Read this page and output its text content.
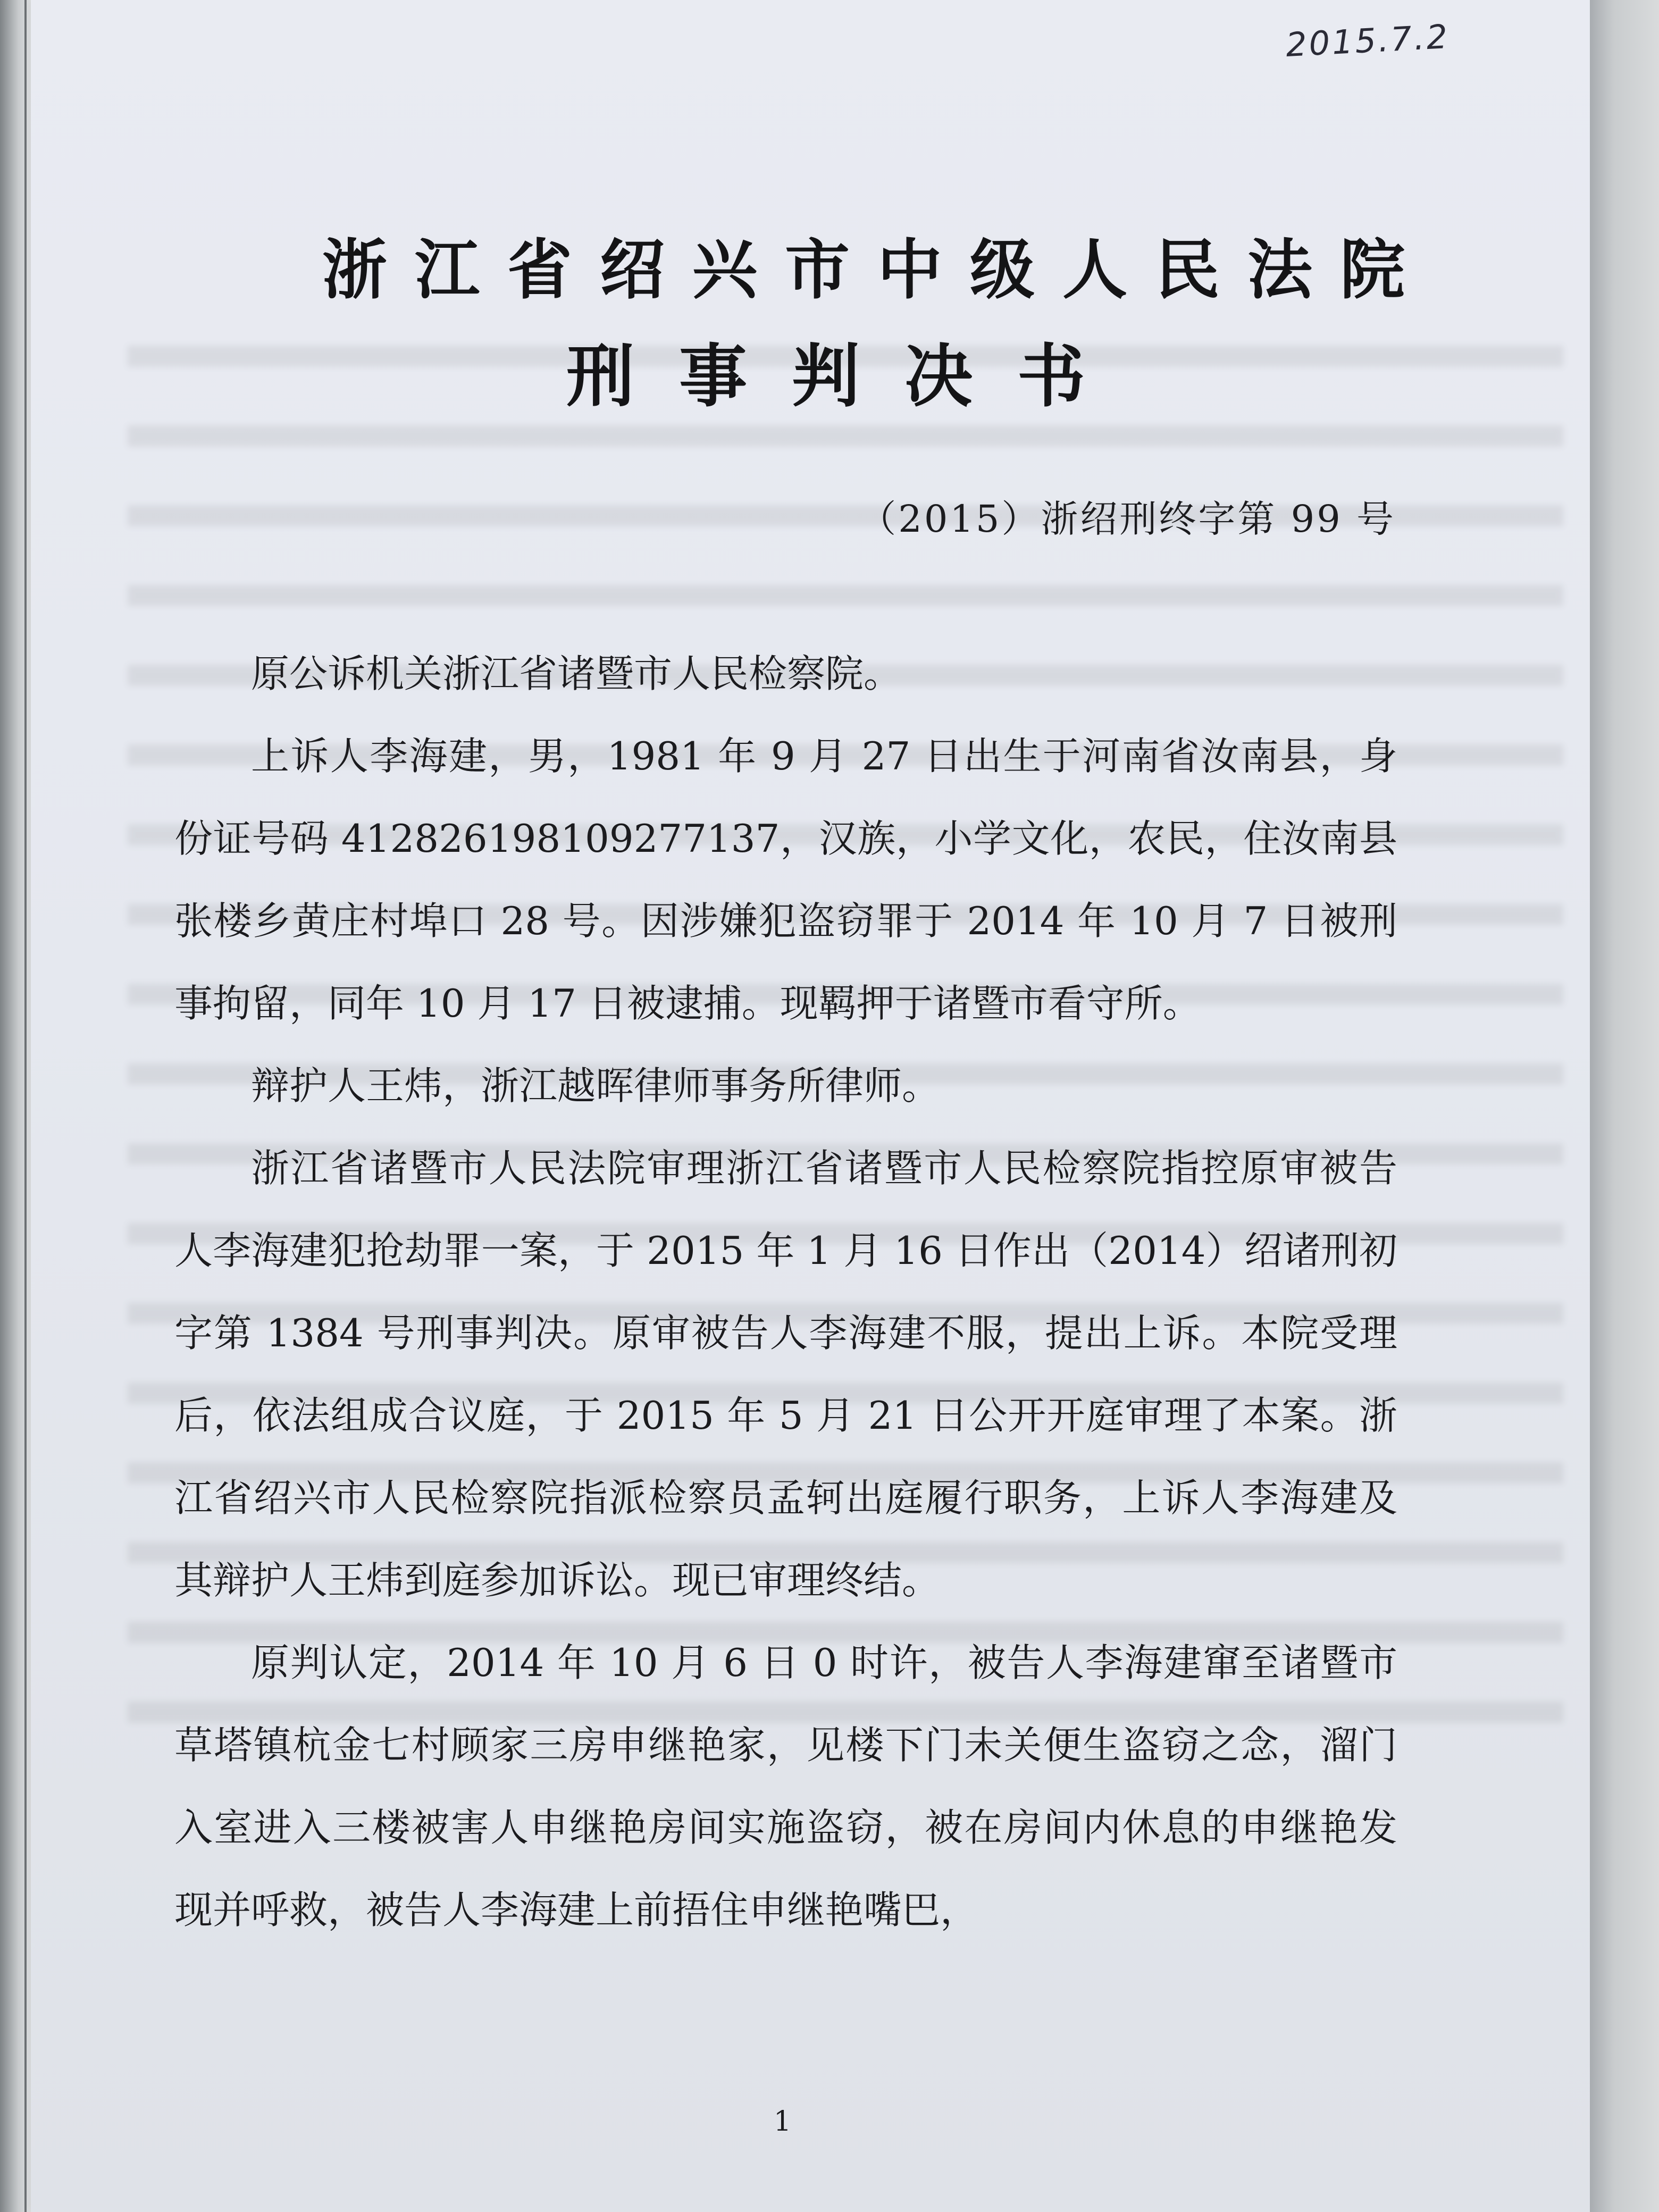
2015.7.2
浙江省绍兴市中级人民法院
刑事判决书
（2015）浙绍刑终字第 99 号

原公诉机关浙江省诸暨市人民检察院。

上诉人李海建，男，1981 年 9 月 27 日出生于河南省汝南县，身份证号码 412826198109277137，汉族，小学文化，农民，住汝南县张楼乡黄庄村埠口 28 号。因涉嫌犯盗窃罪于 2014 年 10 月 7 日被刑事拘留，同年 10 月 17 日被逮捕。现羁押于诸暨市看守所。

辩护人王炜，浙江越晖律师事务所律师。

浙江省诸暨市人民法院审理浙江省诸暨市人民检察院指控原审被告人李海建犯抢劫罪一案，于 2015 年 1 月 16 日作出（2014）绍诸刑初字第 1384 号刑事判决。原审被告人李海建不服，提出上诉。本院受理后，依法组成合议庭，于 2015 年 5 月 21 日公开开庭审理了本案。浙江省绍兴市人民检察院指派检察员孟轲出庭履行职务，上诉人李海建及其辩护人王炜到庭参加诉讼。现已审理终结。

原判认定，2014 年 10 月 6 日 0 时许，被告人李海建窜至诸暨市草塔镇杭金七村顾家三房申继艳家，见楼下门未关便生盗窃之念，溜门入室进入三楼被害人申继艳房间实施盗窃，被在房间内休息的申继艳发现并呼救，被告人李海建上前捂住申继艳嘴巴，

1
